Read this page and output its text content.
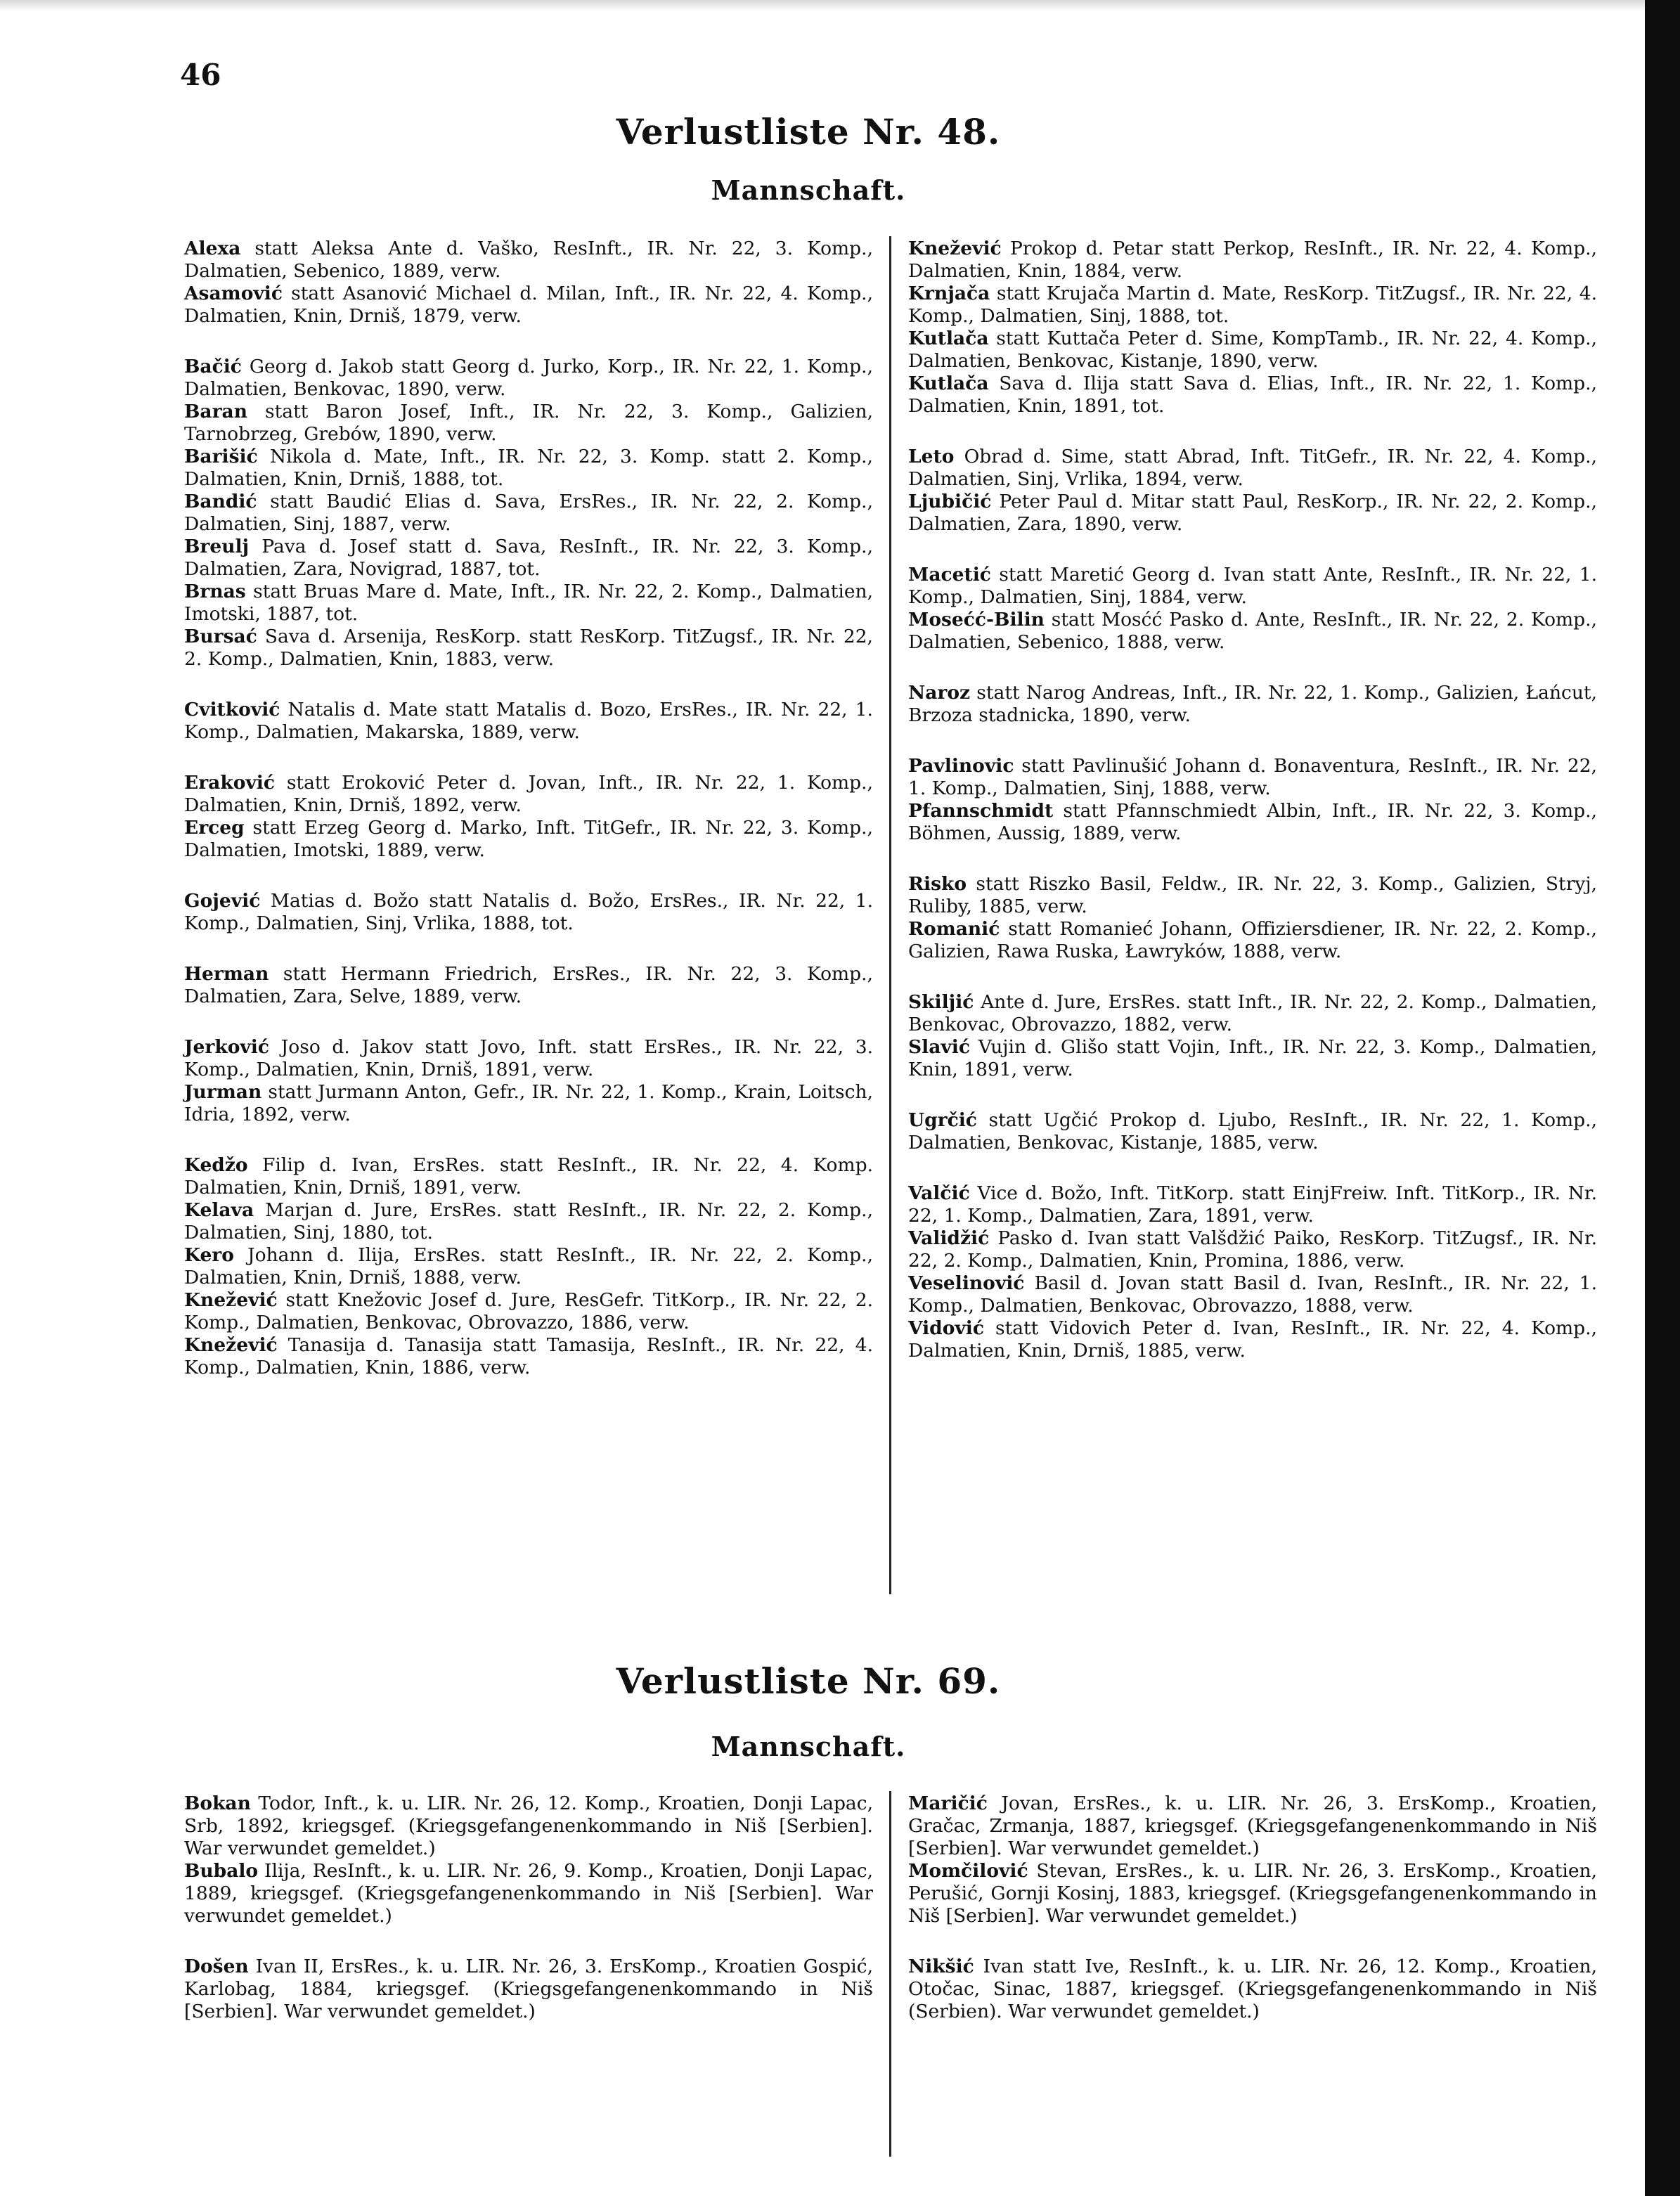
46
Verlustliste Nr. 48.
Mannschaft.

Alexa statt Aleksa Ante d. Vaško, ResInft., IR. Nr. 22, 3. Komp., Dalmatien, Sebenico, 1889, verw.

Asamović statt Asanović Michael d. Milan, Inft., IR. Nr. 22, 4. Komp., Dalmatien, Knin, Drniš, 1879, verw.

Bačić Georg d. Jakob statt Georg d. Jurko, Korp., IR. Nr. 22, 1. Komp., Dalmatien, Benkovac, 1890, verw.

Baran statt Baron Josef, Inft., IR. Nr. 22, 3. Komp., Galizien, Tarnobrzeg, Grebów, 1890, verw.

Barišić Nikola d. Mate, Inft., IR. Nr. 22, 3. Komp. statt 2. Komp., Dalmatien, Knin, Drniš, 1888, tot.

Bandić statt Baudić Elias d. Sava, ErsRes., IR. Nr. 22, 2. Komp., Dalmatien, Sinj, 1887, verw.

Breulj Pava d. Josef statt d. Sava, ResInft., IR. Nr. 22, 3. Komp., Dalmatien, Zara, Novigrad, 1887, tot.

Brnas statt Bruas Mare d. Mate, Inft., IR. Nr. 22, 2. Komp., Dalmatien, Imotski, 1887, tot.

Bursać Sava d. Arsenija, ResKorp. statt ResKorp. TitZugsf., IR. Nr. 22, 2. Komp., Dalmatien, Knin, 1883, verw.

Cvitković Natalis d. Mate statt Matalis d. Bozo, ErsRes., IR. Nr. 22, 1. Komp., Dalmatien, Makarska, 1889, verw.

Eraković statt Eroković Peter d. Jovan, Inft., IR. Nr. 22, 1. Komp., Dalmatien, Knin, Drniš, 1892, verw.

Erceg statt Erzeg Georg d. Marko, Inft. TitGefr., IR. Nr. 22, 3. Komp., Dalmatien, Imotski, 1889, verw.

Gojević Matias d. Božo statt Natalis d. Božo, ErsRes., IR. Nr. 22, 1. Komp., Dalmatien, Sinj, Vrlika, 1888, tot.

Herman statt Hermann Friedrich, ErsRes., IR. Nr. 22, 3. Komp., Dalmatien, Zara, Selve, 1889, verw.

Jerković Joso d. Jakov statt Jovo, Inft. statt ErsRes., IR. Nr. 22, 3. Komp., Dalmatien, Knin, Drniš, 1891, verw.

Jurman statt Jurmann Anton, Gefr., IR. Nr. 22, 1. Komp., Krain, Loitsch, Idria, 1892, verw.

Kedžo Filip d. Ivan, ErsRes. statt ResInft., IR. Nr. 22, 4. Komp. Dalmatien, Knin, Drniš, 1891, verw.

Kelava Marjan d. Jure, ErsRes. statt ResInft., IR. Nr. 22, 2. Komp., Dalmatien, Sinj, 1880, tot.

Kero Johann d. Ilija, ErsRes. statt ResInft., IR. Nr. 22, 2. Komp., Dalmatien, Knin, Drniš, 1888, verw.

Knežević statt Knežovic Josef d. Jure, ResGefr. TitKorp., IR. Nr. 22, 2. Komp., Dalmatien, Benkovac, Obrovazzo, 1886, verw.

Knežević Tanasija d. Tanasija statt Tamasija, ResInft., IR. Nr. 22, 4. Komp., Dalmatien, Knin, 1886, verw.

Knežević Prokop d. Petar statt Perkop, ResInft., IR. Nr. 22, 4. Komp., Dalmatien, Knin, 1884, verw.

Krnjača statt Krujača Martin d. Mate, ResKorp. TitZugsf., IR. Nr. 22, 4. Komp., Dalmatien, Sinj, 1888, tot.

Kutlača statt Kuttača Peter d. Sime, KompTamb., IR. Nr. 22, 4. Komp., Dalmatien, Benkovac, Kistanje, 1890, verw.

Kutlača Sava d. Ilija statt Sava d. Elias, Inft., IR. Nr. 22, 1. Komp., Dalmatien, Knin, 1891, tot.

Leto Obrad d. Sime, statt Abrad, Inft. TitGefr., IR. Nr. 22, 4. Komp., Dalmatien, Sinj, Vrlika, 1894, verw.

Ljubičić Peter Paul d. Mitar statt Paul, ResKorp., IR. Nr. 22, 2. Komp., Dalmatien, Zara, 1890, verw.

Macetić statt Maretić Georg d. Ivan statt Ante, ResInft., IR. Nr. 22, 1. Komp., Dalmatien, Sinj, 1884, verw.

Mosećć-Bilin statt Mosćć Pasko d. Ante, ResInft., IR. Nr. 22, 2. Komp., Dalmatien, Sebenico, 1888, verw.

Naroz statt Narog Andreas, Inft., IR. Nr. 22, 1. Komp., Galizien, Łańcut, Brzoza stadnicka, 1890, verw.

Pavlinovic statt Pavlinušić Johann d. Bonaventura, ResInft., IR. Nr. 22, 1. Komp., Dalmatien, Sinj, 1888, verw.

Pfannschmidt statt Pfannschmiedt Albin, Inft., IR. Nr. 22, 3. Komp., Böhmen, Aussig, 1889, verw.

Risko statt Riszko Basil, Feldw., IR. Nr. 22, 3. Komp., Galizien, Stryj, Ruliby, 1885, verw.

Romanić statt Romanieć Johann, Offiziersdiener, IR. Nr. 22, 2. Komp., Galizien, Rawa Ruska, Ławryków, 1888, verw.

Skiljić Ante d. Jure, ErsRes. statt Inft., IR. Nr. 22, 2. Komp., Dalmatien, Benkovac, Obrovazzo, 1882, verw.

Slavić Vujin d. Glišo statt Vojin, Inft., IR. Nr. 22, 3. Komp., Dalmatien, Knin, 1891, verw.

Ugrčić statt Ugčić Prokop d. Ljubo, ResInft., IR. Nr. 22, 1. Komp., Dalmatien, Benkovac, Kistanje, 1885, verw.

Valčić Vice d. Božo, Inft. TitKorp. statt EinjFreiw. Inft. TitKorp., IR. Nr. 22, 1. Komp., Dalmatien, Zara, 1891, verw.

Validžić Pasko d. Ivan statt Valšdžić Paiko, ResKorp. TitZugsf., IR. Nr. 22, 2. Komp., Dalmatien, Knin, Promina, 1886, verw.

Veselinović Basil d. Jovan statt Basil d. Ivan, ResInft., IR. Nr. 22, 1. Komp., Dalmatien, Benkovac, Obrovazzo, 1888, verw.

Vidović statt Vidovich Peter d. Ivan, ResInft., IR. Nr. 22, 4. Komp., Dalmatien, Knin, Drniš, 1885, verw.

Verlustliste Nr. 69.
Mannschaft.

Bokan Todor, Inft., k. u. LIR. Nr. 26, 12. Komp., Kroatien, Donji Lapac, Srb, 1892, kriegsgef. (Kriegsgefangenenkommando in Niš [Serbien]. War verwundet gemeldet.)

Bubalo Ilija, ResInft., k. u. LIR. Nr. 26, 9. Komp., Kroatien, Donji Lapac, 1889, kriegsgef. (Kriegsgefangenenkommando in Niš [Serbien]. War verwundet gemeldet.)

Došen Ivan II, ErsRes., k. u. LIR. Nr. 26, 3. ErsKomp., Kroatien Gospić, Karlobag, 1884, kriegsgef. (Kriegsgefangenenkommando in Niš [Serbien]. War verwundet gemeldet.)

Maričić Jovan, ErsRes., k. u. LIR. Nr. 26, 3. ErsKomp., Kroatien, Gračac, Zrmanja, 1887, kriegsgef. (Kriegsgefangenenkommando in Niš [Serbien]. War verwundet gemeldet.)

Momčilović Stevan, ErsRes., k. u. LIR. Nr. 26, 3. ErsKomp., Kroatien, Perušić, Gornji Kosinj, 1883, kriegsgef. (Kriegsgefangenenkommando in Niš [Serbien]. War verwundet gemeldet.)

Nikšić Ivan statt Ive, ResInft., k. u. LIR. Nr. 26, 12. Komp., Kroatien, Otočac, Sinac, 1887, kriegsgef. (Kriegsgefangenenkommando in Niš (Serbien). War verwundet gemeldet.)
